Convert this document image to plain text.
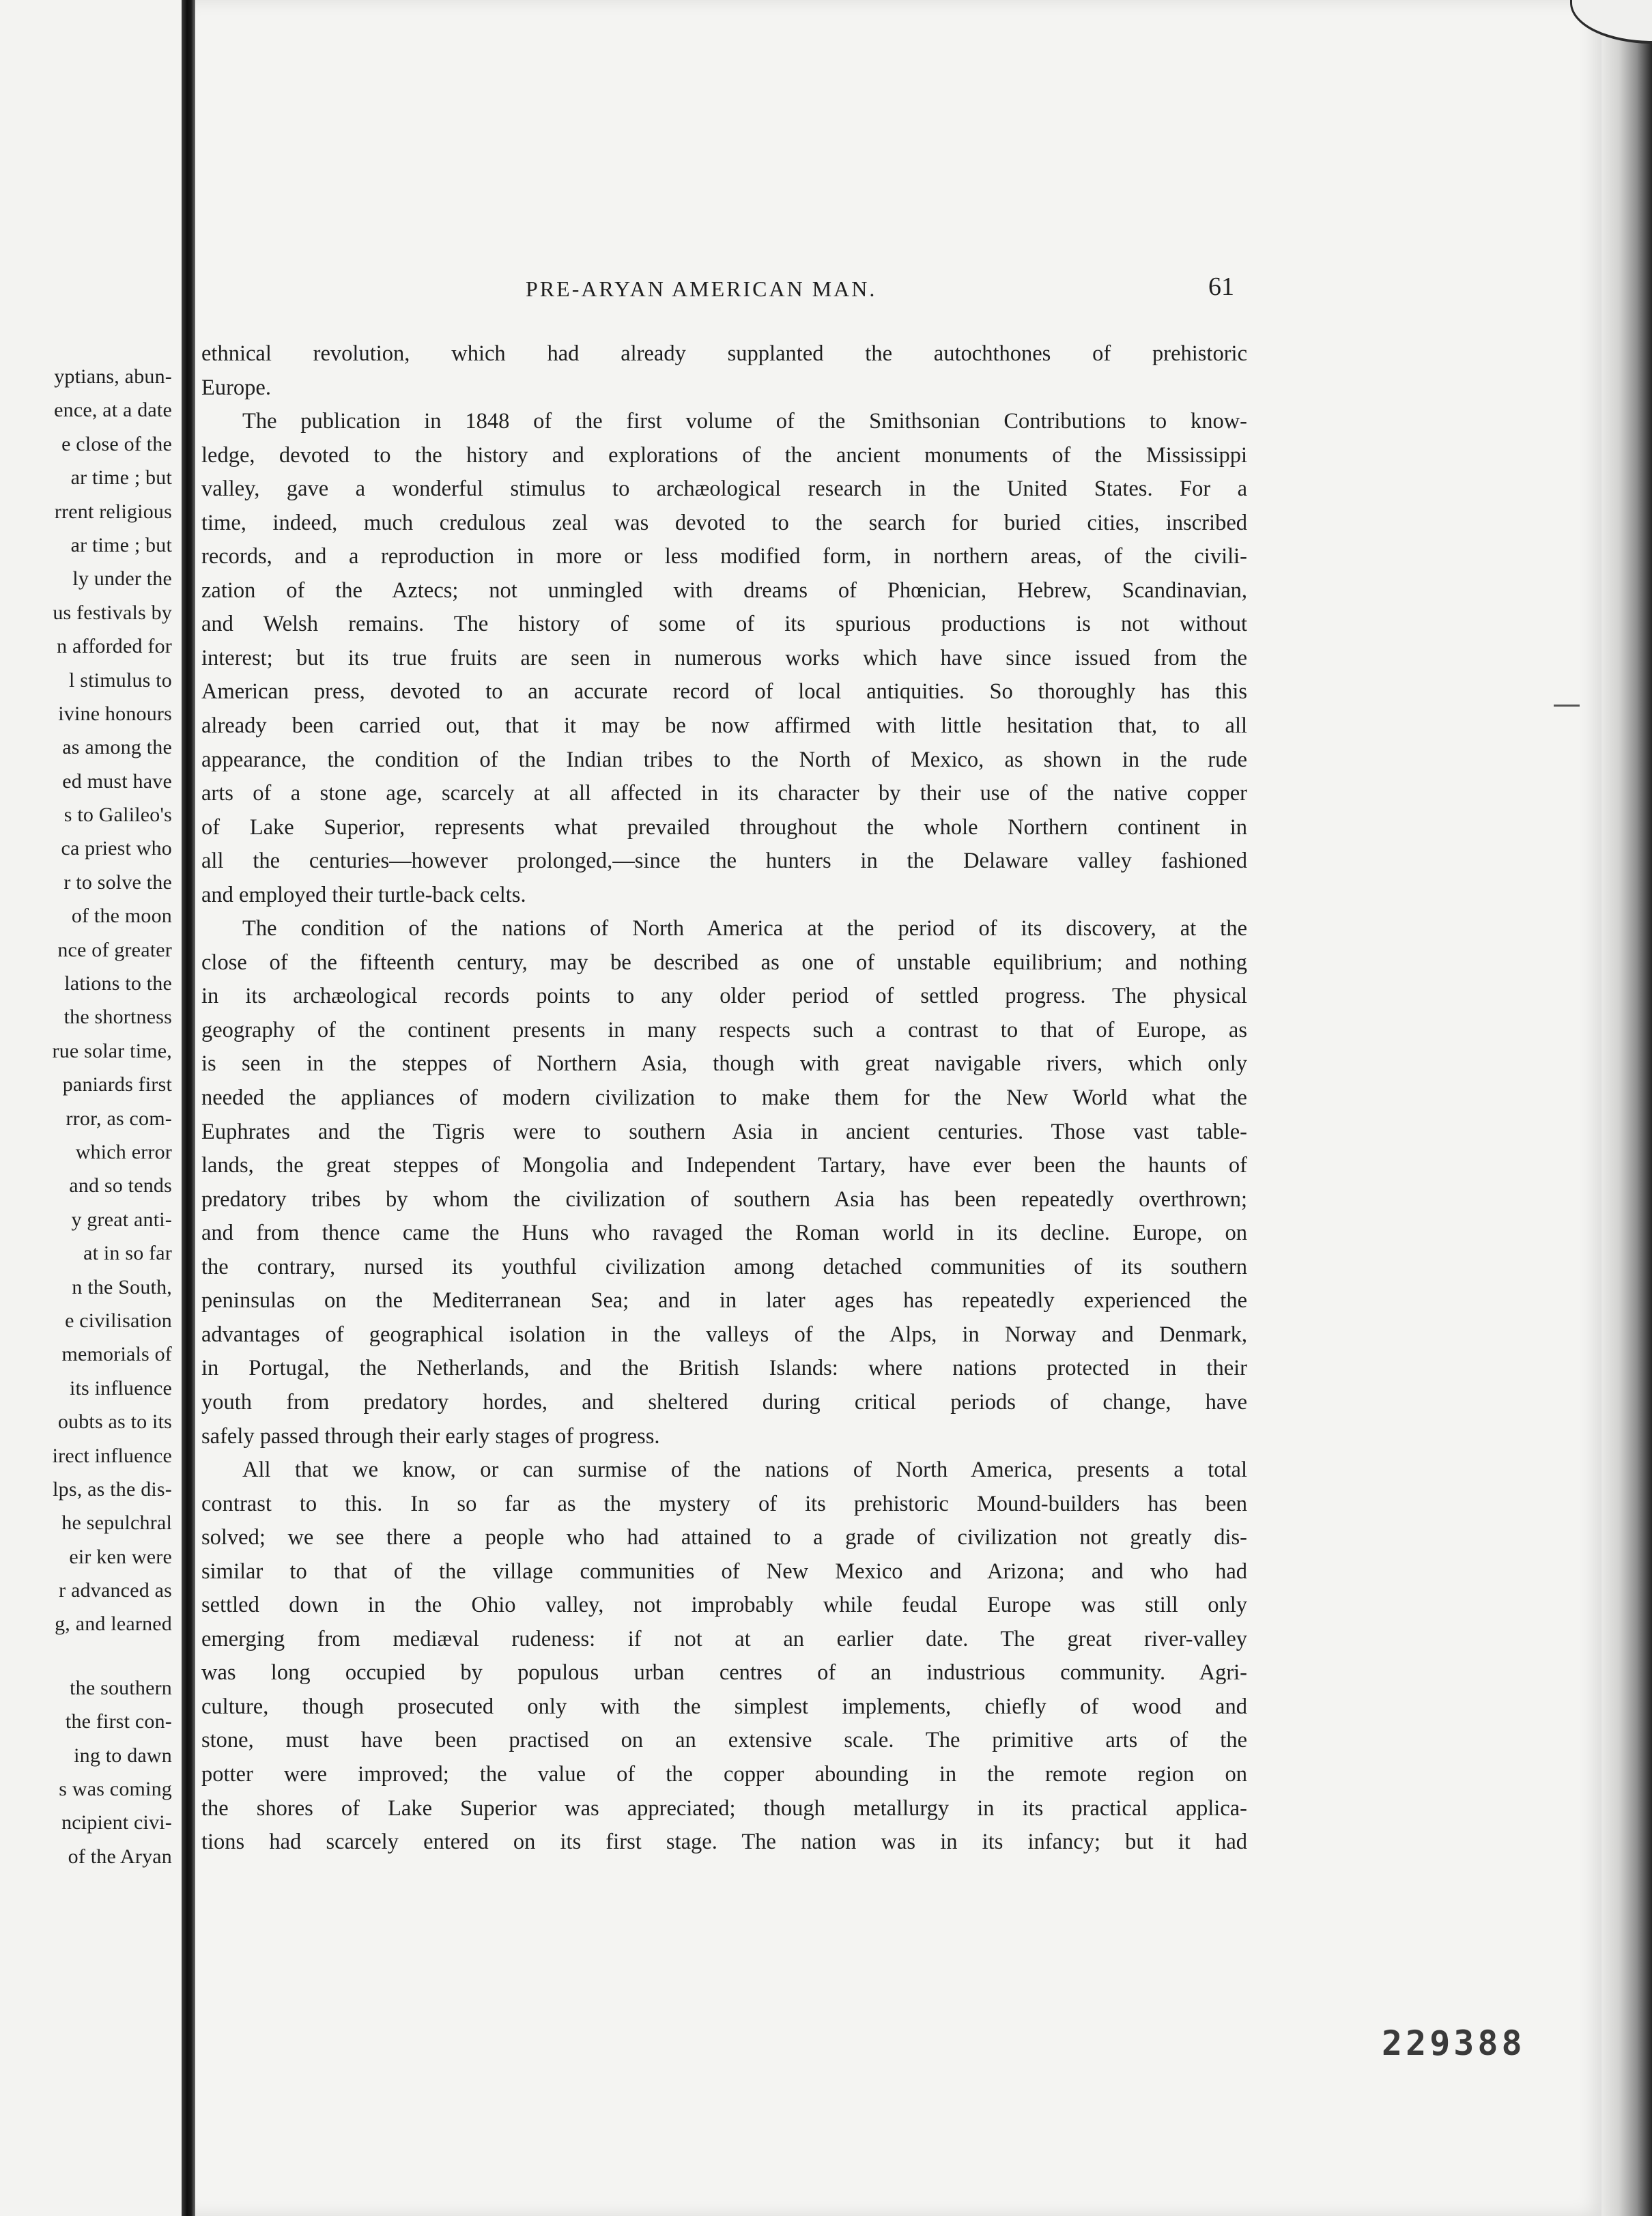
yptians, abun-
ence, at a date
e close of the
ar time ; but
rrent religious
ar time ; but
ly under the
us festivals by
n afforded for
l stimulus to
ivine honours
as among the
ed must have
s to Galileo's
ca priest who
r to solve the
of the moon
nce of greater
lations to the
the shortness
rue solar time,
paniards first
rror, as com-
which error
and so tends
y great anti-
at in so far
n the South,
e civilisation
memorials of
its influence
oubts as to its
irect influence
lps, as the dis-
he sepulchral
eir ken were
r advanced as
g, and learned
the southern
the first con-
ing to dawn
s was coming
ncipient civi-
of the Aryan
PRE-ARYAN AMERICAN MAN.	61
ethnical revolution, which had already supplanted the autochthones of prehistoric
Europe.
The publication in 1848 of the first volume of the Smithsonian Contributions to know-
ledge, devoted to the history and explorations of the ancient monuments of the Mississippi
valley, gave a wonderful stimulus to archæological research in the United States. For a
time, indeed, much credulous zeal was devoted to the search for buried cities, inscribed
records, and a reproduction in more or less modified form, in northern areas, of the civili-
zation of the Aztecs; not unmingled with dreams of Phœnician, Hebrew, Scandinavian,
and Welsh remains. The history of some of its spurious productions is not without
interest; but its true fruits are seen in numerous works which have since issued from the
American press, devoted to an accurate record of local antiquities. So thoroughly has this
already been carried out, that it may be now affirmed with little hesitation that, to all
appearance, the condition of the Indian tribes to the North of Mexico, as shown in the rude
arts of a stone age, scarcely at all affected in its character by their use of the native copper
of Lake Superior, represents what prevailed throughout the whole Northern continent in
all the centuries—however prolonged,—since the hunters in the Delaware valley fashioned
and employed their turtle-back celts.
The condition of the nations of North America at the period of its discovery, at the
close of the fifteenth century, may be described as one of unstable equilibrium; and nothing
in its archæological records points to any older period of settled progress. The physical
geography of the continent presents in many respects such a contrast to that of Europe, as
is seen in the steppes of Northern Asia, though with great navigable rivers, which only
needed the appliances of modern civilization to make them for the New World what the
Euphrates and the Tigris were to southern Asia in ancient centuries. Those vast table-
lands, the great steppes of Mongolia and Independent Tartary, have ever been the haunts of
predatory tribes by whom the civilization of southern Asia has been repeatedly overthrown;
and from thence came the Huns who ravaged the Roman world in its decline. Europe, on
the contrary, nursed its youthful civilization among detached communities of its southern
peninsulas on the Mediterranean Sea; and in later ages has repeatedly experienced the
advantages of geographical isolation in the valleys of the Alps, in Norway and Denmark,
in Portugal, the Netherlands, and the British Islands: where nations protected in their
youth from predatory hordes, and sheltered during critical periods of change, have
safely passed through their early stages of progress.
All that we know, or can surmise of the nations of North America, presents a total
contrast to this. In so far as the mystery of its prehistoric Mound-builders has been
solved; we see there a people who had attained to a grade of civilization not greatly dis-
similar to that of the village communities of New Mexico and Arizona; and who had
settled down in the Ohio valley, not improbably while feudal Europe was still only
emerging from mediæval rudeness: if not at an earlier date. The great river-valley
was long occupied by populous urban centres of an industrious community. Agri-
culture, though prosecuted only with the simplest implements, chiefly of wood and
stone, must have been practised on an extensive scale. The primitive arts of the
potter were improved; the value of the copper abounding in the remote region on
the shores of Lake Superior was appreciated; though metallurgy in its practical applica-
tions had scarcely entered on its first stage. The nation was in its infancy; but it had
229388
